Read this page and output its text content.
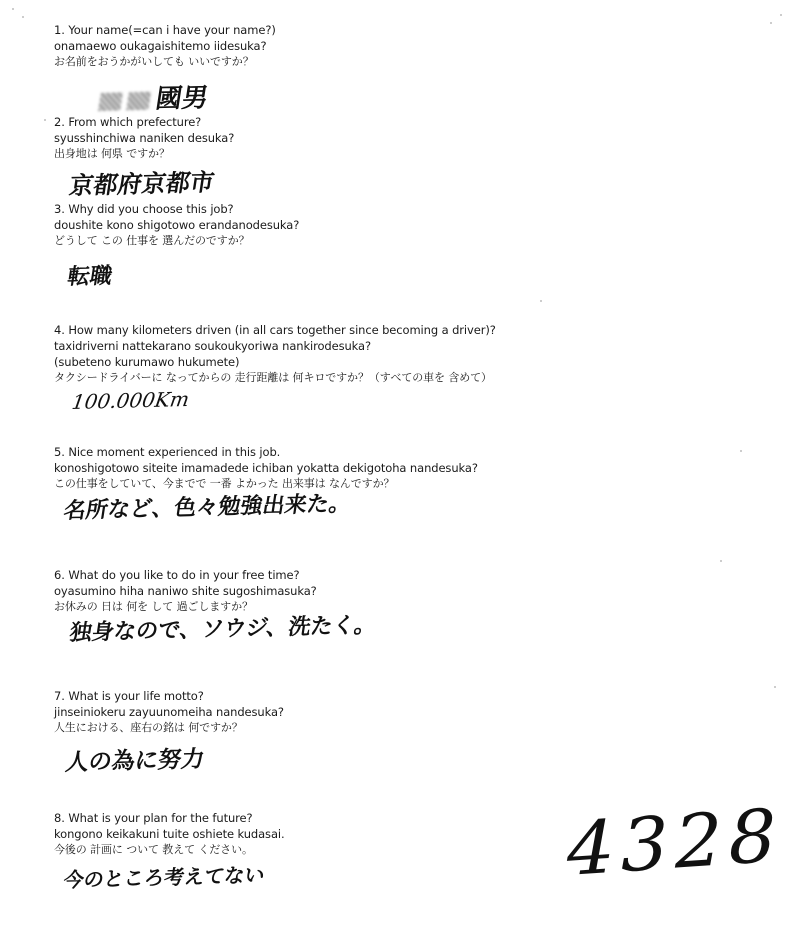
1. Your name(=can i have your name?)
onamaewo oukagaishitemo iidesuka?
お名前をおうかがいしても いいですか？
國男
2. From which prefecture?
syusshinchiwa naniken desuka?
出身地は 何県 ですか？
京都府京都市
3. Why did you choose this job?
doushite kono shigotowo erandanodesuka?
どうして この 仕事を 選んだのですか？
転職
4. How many kilometers driven (in all cars together since becoming a driver)?
taxidriverni nattekarano soukoukyoriwa nankirodesuka?
(subeteno kurumawo hukumete)
タクシードライバーに なってからの 走行距離は 何キロですか？（すべての車を 含めて）
100.000Km
5. Nice moment experienced in this job.
konoshigotowo siteite imamadede ichiban yokatta dekigotoha nandesuka?
この仕事をしていて、今までで 一番 よかった 出来事は なんですか？
名所など、色々勉強出来た。
6. What do you like to do in your free time?
oyasumino hiha naniwo shite sugoshimasuka?
お休みの 日は 何を して 過ごしますか？
独身なので、ソウジ、洗たく。
7. What is your life motto?
jinseiniokeru zayuunomeiha nandesuka?
人生における、座右の銘は 何ですか？
人の為に努力
8. What is your plan for the future?
kongono keikakuni tuite oshiete kudasai.
今後の 計画に ついて 教えて ください。
今のところ考えてない	4328
